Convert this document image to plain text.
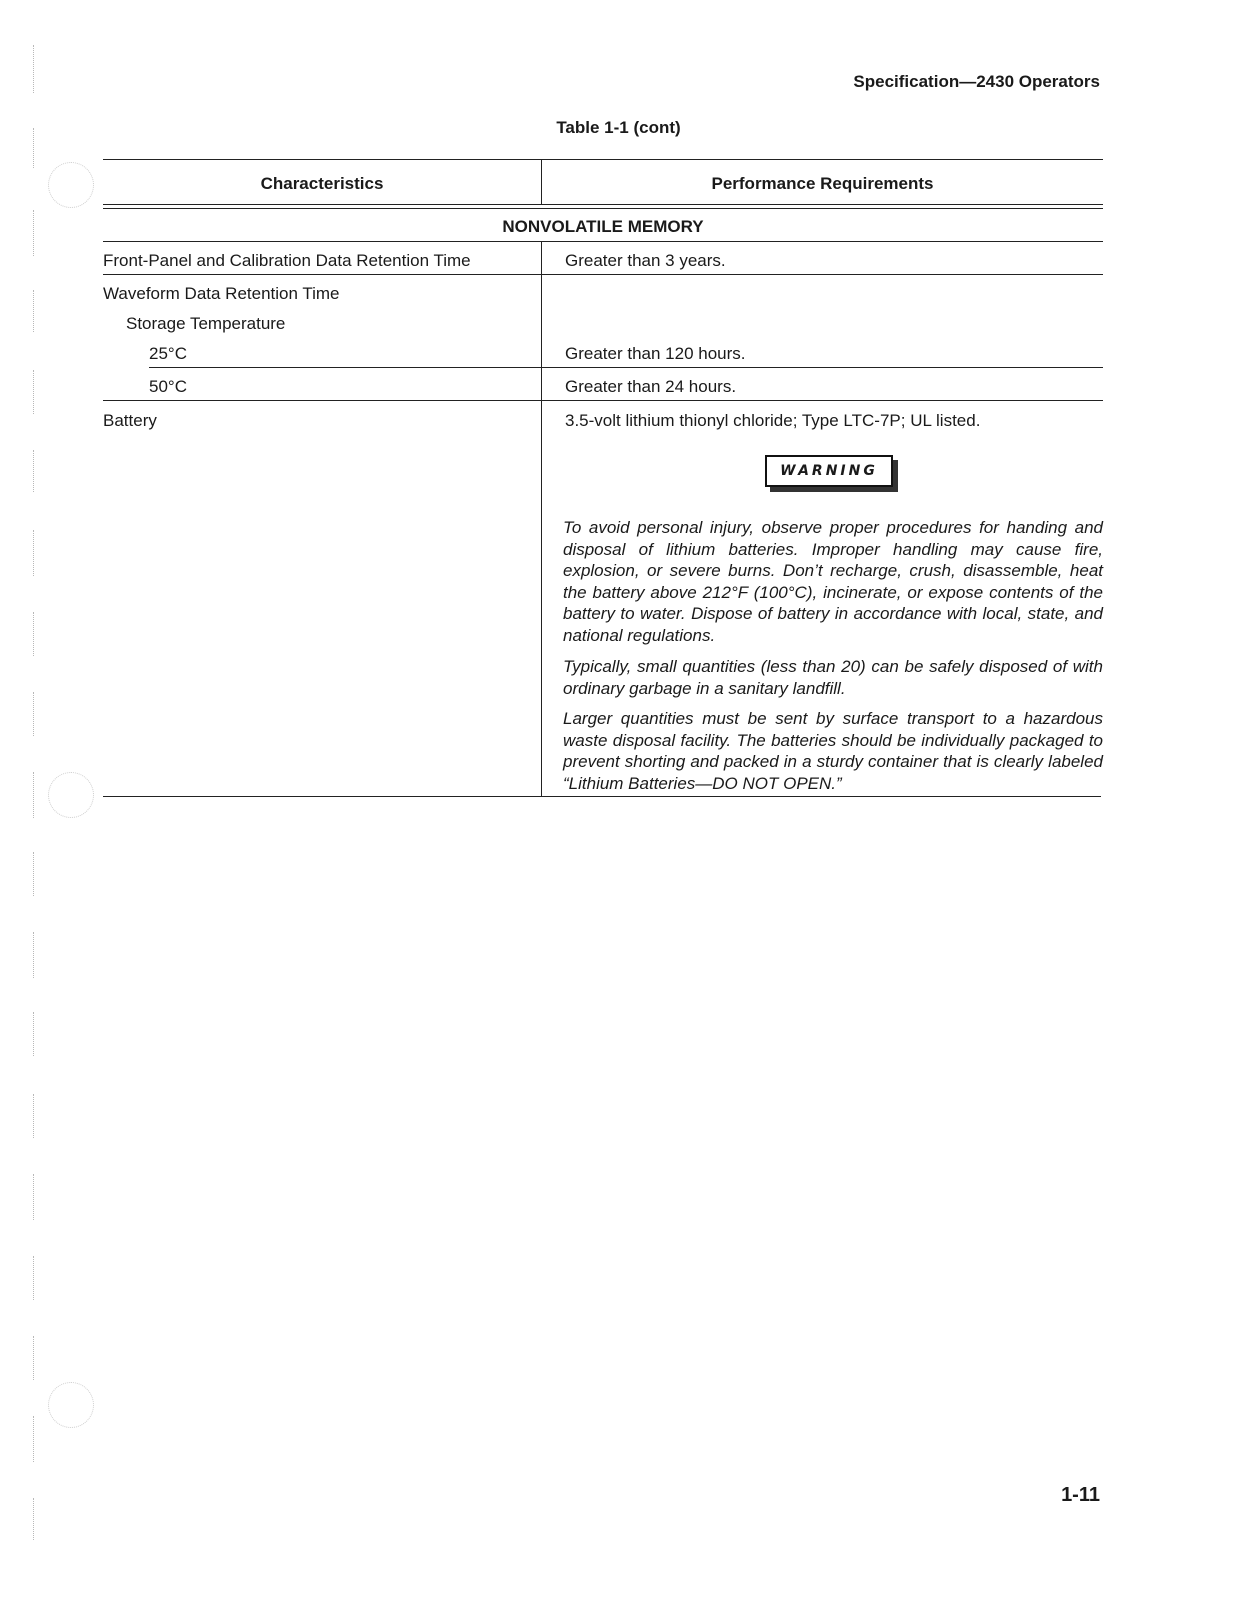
Specification—2430 Operators
Table 1-1 (cont)
Characteristics	Performance Requirements
NONVOLATILE MEMORY
Front-Panel and Calibration Data Retention Time	Greater than 3 years.
Waveform Data Retention Time
Storage Temperature
25°C	Greater than 120 hours.
50°C	Greater than 24 hours.
Battery	3.5-volt lithium thionyl chloride; Type LTC-7P; UL listed.
WARNING
To avoid personal injury, observe proper procedures for handing and disposal of lithium batteries. Improper handling may cause fire, explosion, or severe burns. Don’t recharge, crush, disassemble, heat the battery above 212°F (100°C), incinerate, or expose contents of the battery to water. Dispose of battery in accordance with local, state, and national regulations.
Typically, small quantities (less than 20) can be safely disposed of with ordinary garbage in a sanitary landfill.
Larger quantities must be sent by surface transport to a hazardous waste disposal facility. The batteries should be individually packaged to prevent shorting and packed in a sturdy container that is clearly labeled “Lithium Batteries—DO NOT OPEN.”
1-11
